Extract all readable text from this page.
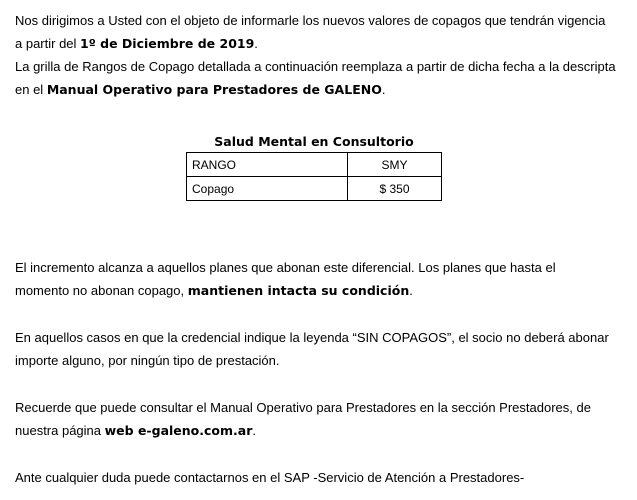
Nos dirigimos a Usted con el objeto de informarle los nuevos valores de copagos que tendrán vigencia

a partir del 1º de Diciembre de 2019.

La grilla de Rangos de Copago detallada a continuación reemplaza a partir de dicha fecha a la descripta

en el Manual Operativo para Prestadores de GALENO.

Salud Mental en Consultorio
RANGO	SMY
Copago	$ 350

El incremento alcanza a aquellos planes que abonan este diferencial. Los planes que hasta el

momento no abonan copago, mantienen intacta su condición.

En aquellos casos en que la credencial indique la leyenda “SIN COPAGOS”, el socio no deberá abonar

importe alguno, por ningún tipo de prestación.

Recuerde que puede consultar el Manual Operativo para Prestadores en la sección Prestadores, de

nuestra página web e-galeno.com.ar.

Ante cualquier duda puede contactarnos en el SAP -Servicio de Atención a Prestadores-
